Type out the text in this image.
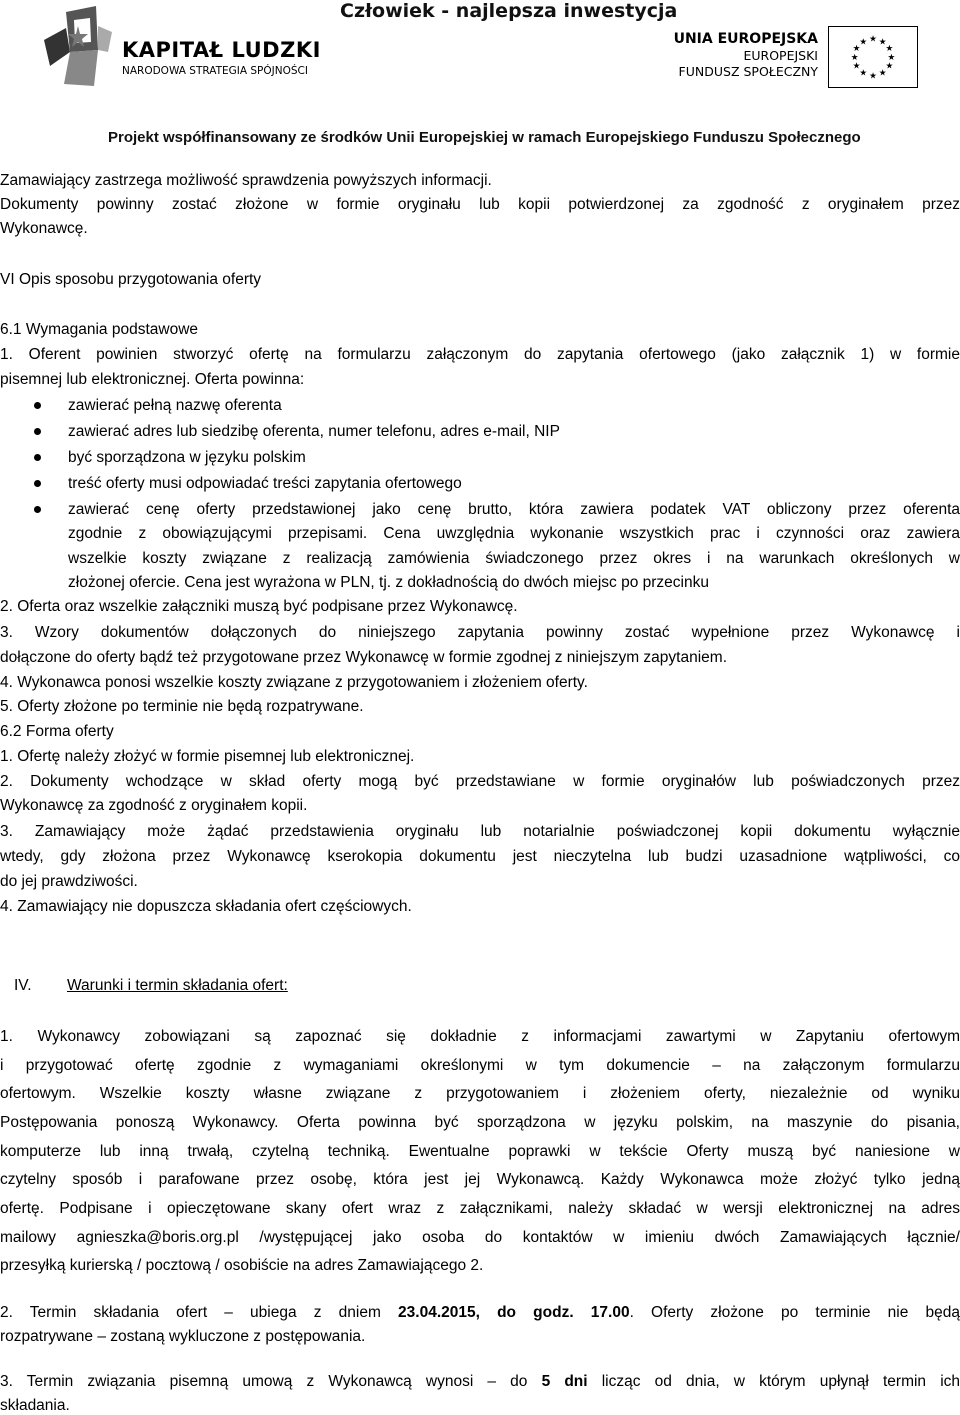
Człowiek - najlepsza inwestycja
KAPITAŁ LUDZKI
NARODOWA STRATEGIA SPÓJNOŚCI
UNIA EUROPEJSKA
EUROPEJSKI
FUNDUSZ SPOŁECZNY
★ ★
★
★
★
★
★
★
★
★
★
★
Projekt współfinansowany ze środków Unii Europejskiej w ramach Europejskiego Funduszu Społecznego
Zamawiający zastrzega możliwość sprawdzenia powyższych informacji.
Dokumenty powinny zostać złożone w formie oryginału lub kopii potwierdzonej za zgodność z oryginałem przez
Wykonawcę.
VI Opis sposobu przygotowania oferty
6.1 Wymagania podstawowe
1. Oferent powinien stworzyć ofertę na formularzu załączonym do zapytania ofertowego (jako załącznik 1) w formie
pisemnej lub elektronicznej. Oferta powinna:
zawierać pełną nazwę oferenta
zawierać adres lub siedzibę oferenta, numer telefonu, adres e-mail, NIP
być sporządzona w języku polskim
treść oferty musi odpowiadać treści zapytania ofertowego
zawierać cenę oferty przedstawionej jako cenę brutto, która zawiera podatek VAT obliczony przez oferenta
zgodnie z obowiązującymi przepisami. Cena uwzględnia wykonanie wszystkich prac i czynności oraz zawiera
wszelkie koszty związane z realizacją zamówienia świadczonego przez okres i na warunkach określonych w
złożonej ofercie. Cena jest wyrażona w PLN, tj. z dokładnością do dwóch miejsc po przecinku
2. Oferta oraz wszelkie załączniki muszą być podpisane przez Wykonawcę.
3. Wzory dokumentów dołączonych do niniejszego zapytania powinny zostać wypełnione przez Wykonawcę i
dołączone do oferty bądź też przygotowane przez Wykonawcę w formie zgodnej z niniejszym zapytaniem.
4. Wykonawca ponosi wszelkie koszty związane z przygotowaniem i złożeniem oferty.
5. Oferty złożone po terminie nie będą rozpatrywane.
6.2 Forma oferty
1. Ofertę należy złożyć w formie pisemnej lub elektronicznej.
2. Dokumenty wchodzące w skład oferty mogą być przedstawiane w formie oryginałów lub poświadczonych przez
Wykonawcę za zgodność z oryginałem kopii.
3. Zamawiający może żądać przedstawienia oryginału lub notarialnie poświadczonej kopii dokumentu wyłącznie
wtedy, gdy złożona przez Wykonawcę kserokopia dokumentu jest nieczytelna lub budzi uzasadnione wątpliwości, co
do jej prawdziwości.
4. Zamawiający nie dopuszcza składania ofert częściowych.
IV.	Warunki i termin składania ofert:
1. Wykonawcy zobowiązani są zapoznać się dokładnie z informacjami zawartymi w Zapytaniu ofertowym
i przygotować ofertę zgodnie z wymaganiami określonymi w tym dokumencie – na załączonym formularzu
ofertowym. Wszelkie koszty własne związane z przygotowaniem i złożeniem oferty, niezależnie od wyniku
Postępowania ponoszą Wykonawcy. Oferta powinna być sporządzona w języku polskim, na maszynie do pisania,
komputerze lub inną trwałą, czytelną techniką. Ewentualne poprawki w tekście Oferty muszą być naniesione w
czytelny sposób i parafowane przez osobę, która jest jej Wykonawcą. Każdy Wykonawca może złożyć tylko jedną
ofertę. Podpisane i opieczętowane skany ofert wraz z załącznikami, należy składać w wersji elektronicznej na adres
mailowy agnieszka@boris.org.pl /występującej jako osoba do kontaktów w imieniu dwóch Zamawiających łącznie/
przesyłką kurierską / pocztową / osobiście na adres Zamawiającego 2.
2. Termin składania ofert – ubiega z dniem 23.04.2015, do godz. 17.00. Oferty złożone po terminie nie będą
rozpatrywane – zostaną wykluczone z postępowania.
3. Termin związania pisemną umową z Wykonawcą wynosi – do 5 dni licząc od dnia, w którym upłynął termin ich
składania.
